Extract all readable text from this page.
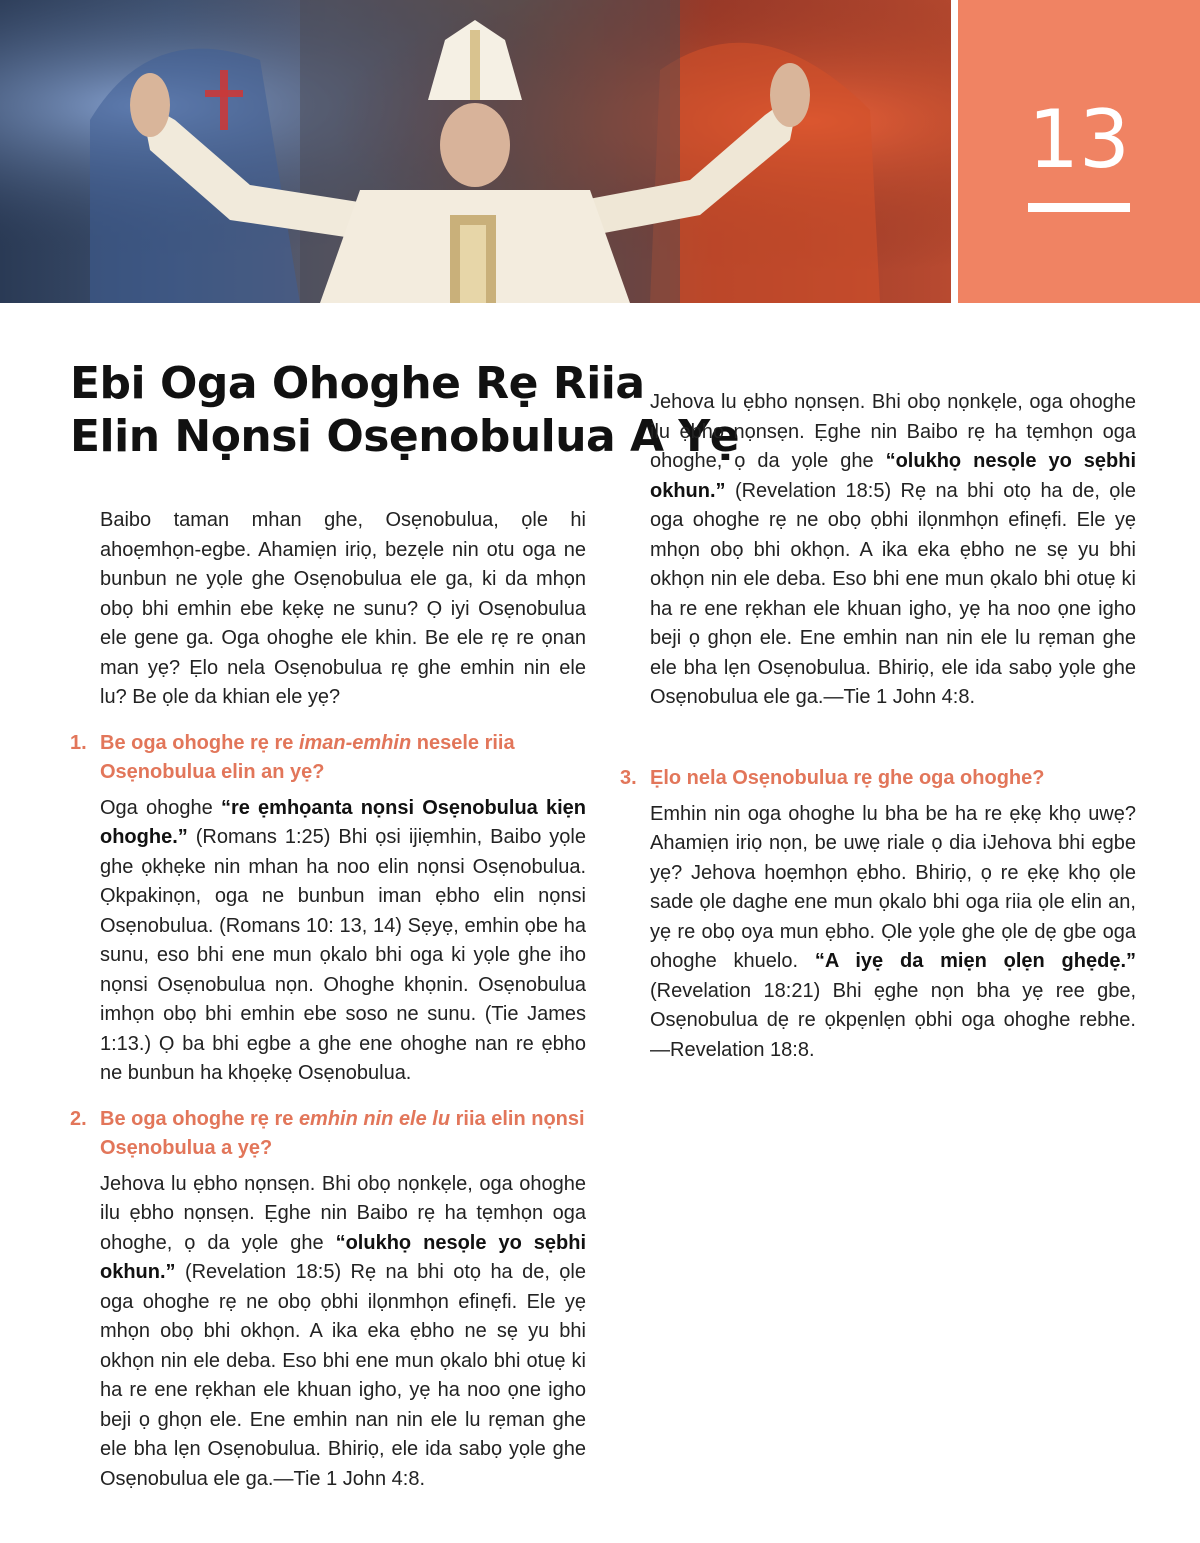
13
Ebi Oga Ohoghe Rẹ Riia
Elin Nọnsi Osẹnobulua A Yẹ

Baibo taman mhan ghe, Osẹnobulua, ọle hi ahoẹmhọn-egbe. Ahamiẹn iriọ, bezẹle nin otu oga ne bunbun ne yọle ghe Osẹnobulua ele ga, ki da mhọn obọ bhi emhin ebe kẹkẹ ne sunu? Ọ iyi Osẹnobulua ele gene ga. Oga ohoghe ele khin. Be ele rẹ re ọnan man yẹ? Ẹlo nela Osẹnobulua rẹ ghe emhin nin ele lu? Be ọle da khian ele yẹ?

1. Be oga ohoghe rẹ re iman-emhin nesele riia Osẹnobulua elin an yẹ?

Oga ohoghe “re ẹmhọanta nọnsi Osẹnobulua kiẹn ohoghe.” (Romans 1:25) Bhi ọsi ijiẹmhin, Baibo yọle ghe ọkhẹke nin mhan ha noo elin nọnsi Osẹnobulua. Ọkpakinọn, oga ne bunbun iman ẹbho elin nọnsi Osẹnobulua. (Romans 10: 13, 14) Sẹyẹ, emhin ọbe ha sunu, eso bhi ene mun ọkalo bhi oga ki yọle ghe iho nọnsi Osẹnobulua nọn. Ohoghe khọnin. Osẹnobulua imhọn obọ bhi emhin ebe soso ne sunu. (Tie James 1:13.) Ọ ba bhi egbe a ghe ene ohoghe nan re ẹbho ne bunbun ha khọẹkẹ Osẹnobulua.

2. Be oga ohoghe rẹ re emhin nin ele lu riia elin nọnsi Osẹnobulua a yẹ?

Jehova lu ẹbho nọnsẹn. Bhi obọ nọnkẹle, oga ohoghe ilu ẹbho nọnsẹn. Ẹghe nin Baibo rẹ ha tẹmhọn oga ohoghe, ọ da yọle ghe “olukhọ nesọle yo sẹbhi okhun.” (Revelation 18:5) Rẹ na bhi otọ ha de, ọle oga ohoghe rẹ ne obọ ọbhi ilọnmhọn efinẹfi. Ele yẹ mhọn obọ bhi okhọn. A ika eka ẹbho ne sẹ yu bhi okhọn nin ele deba. Eso bhi ene mun ọkalo bhi otuẹ ki ha re ene rẹkhan ele khuan igho, yẹ ha noo ọne igho beji ọ ghọn ele. Ene emhin nan nin ele lu rẹman ghe ele bha lẹn Osẹnobulua. Bhiriọ, ele ida sabọ yọle ghe Osẹnobulua ele ga.—Tie 1 John 4:8.

Jehova lu ẹbho nọnsẹn. Bhi obọ nọnkẹle, oga ohoghe ilu ẹbho nọnsẹn. Ẹghe nin Baibo rẹ ha tẹmhọn oga ohoghe, ọ da yọle ghe “olukhọ nesọle yo sẹbhi okhun.” (Revelation 18:5) Rẹ na bhi otọ ha de, ọle oga ohoghe rẹ ne obọ ọbhi ilọnmhọn efinẹfi. Ele yẹ mhọn obọ bhi okhọn. A ika eka ẹbho ne sẹ yu bhi okhọn nin ele deba. Eso bhi ene mun ọkalo bhi otuẹ ki ha re ene rẹkhan ele khuan igho, yẹ ha noo ọne igho beji ọ ghọn ele. Ene emhin nan nin ele lu rẹman ghe ele bha lẹn Osẹnobulua. Bhiriọ, ele ida sabọ yọle ghe Osẹnobulua ele ga.—Tie 1 John 4:8.

3. Ẹlo nela Osẹnobulua rẹ ghe oga ohoghe?

Emhin nin oga ohoghe lu bha be ha re ẹkẹ khọ uwẹ? Ahamiẹn iriọ nọn, be uwẹ riale ọ dia iJehova bhi egbe yẹ? Jehova hoẹmhọn ẹbho. Bhiriọ, ọ re ẹkẹ khọ ọle sade ọle daghe ene mun ọkalo bhi oga riia ọle elin an, yẹ re obọ oya mun ẹbho. Ọle yọle ghe ọle dẹ gbe oga ohoghe khuelo. “A iyẹ da miẹn ọlẹn ghẹdẹ.” (Revelation 18:21) Bhi ẹghe nọn bha yẹ ree gbe, Osẹnobulua dẹ re ọkpẹnlẹn ọbhi oga ohoghe rebhe. —Revelation 18:8.
